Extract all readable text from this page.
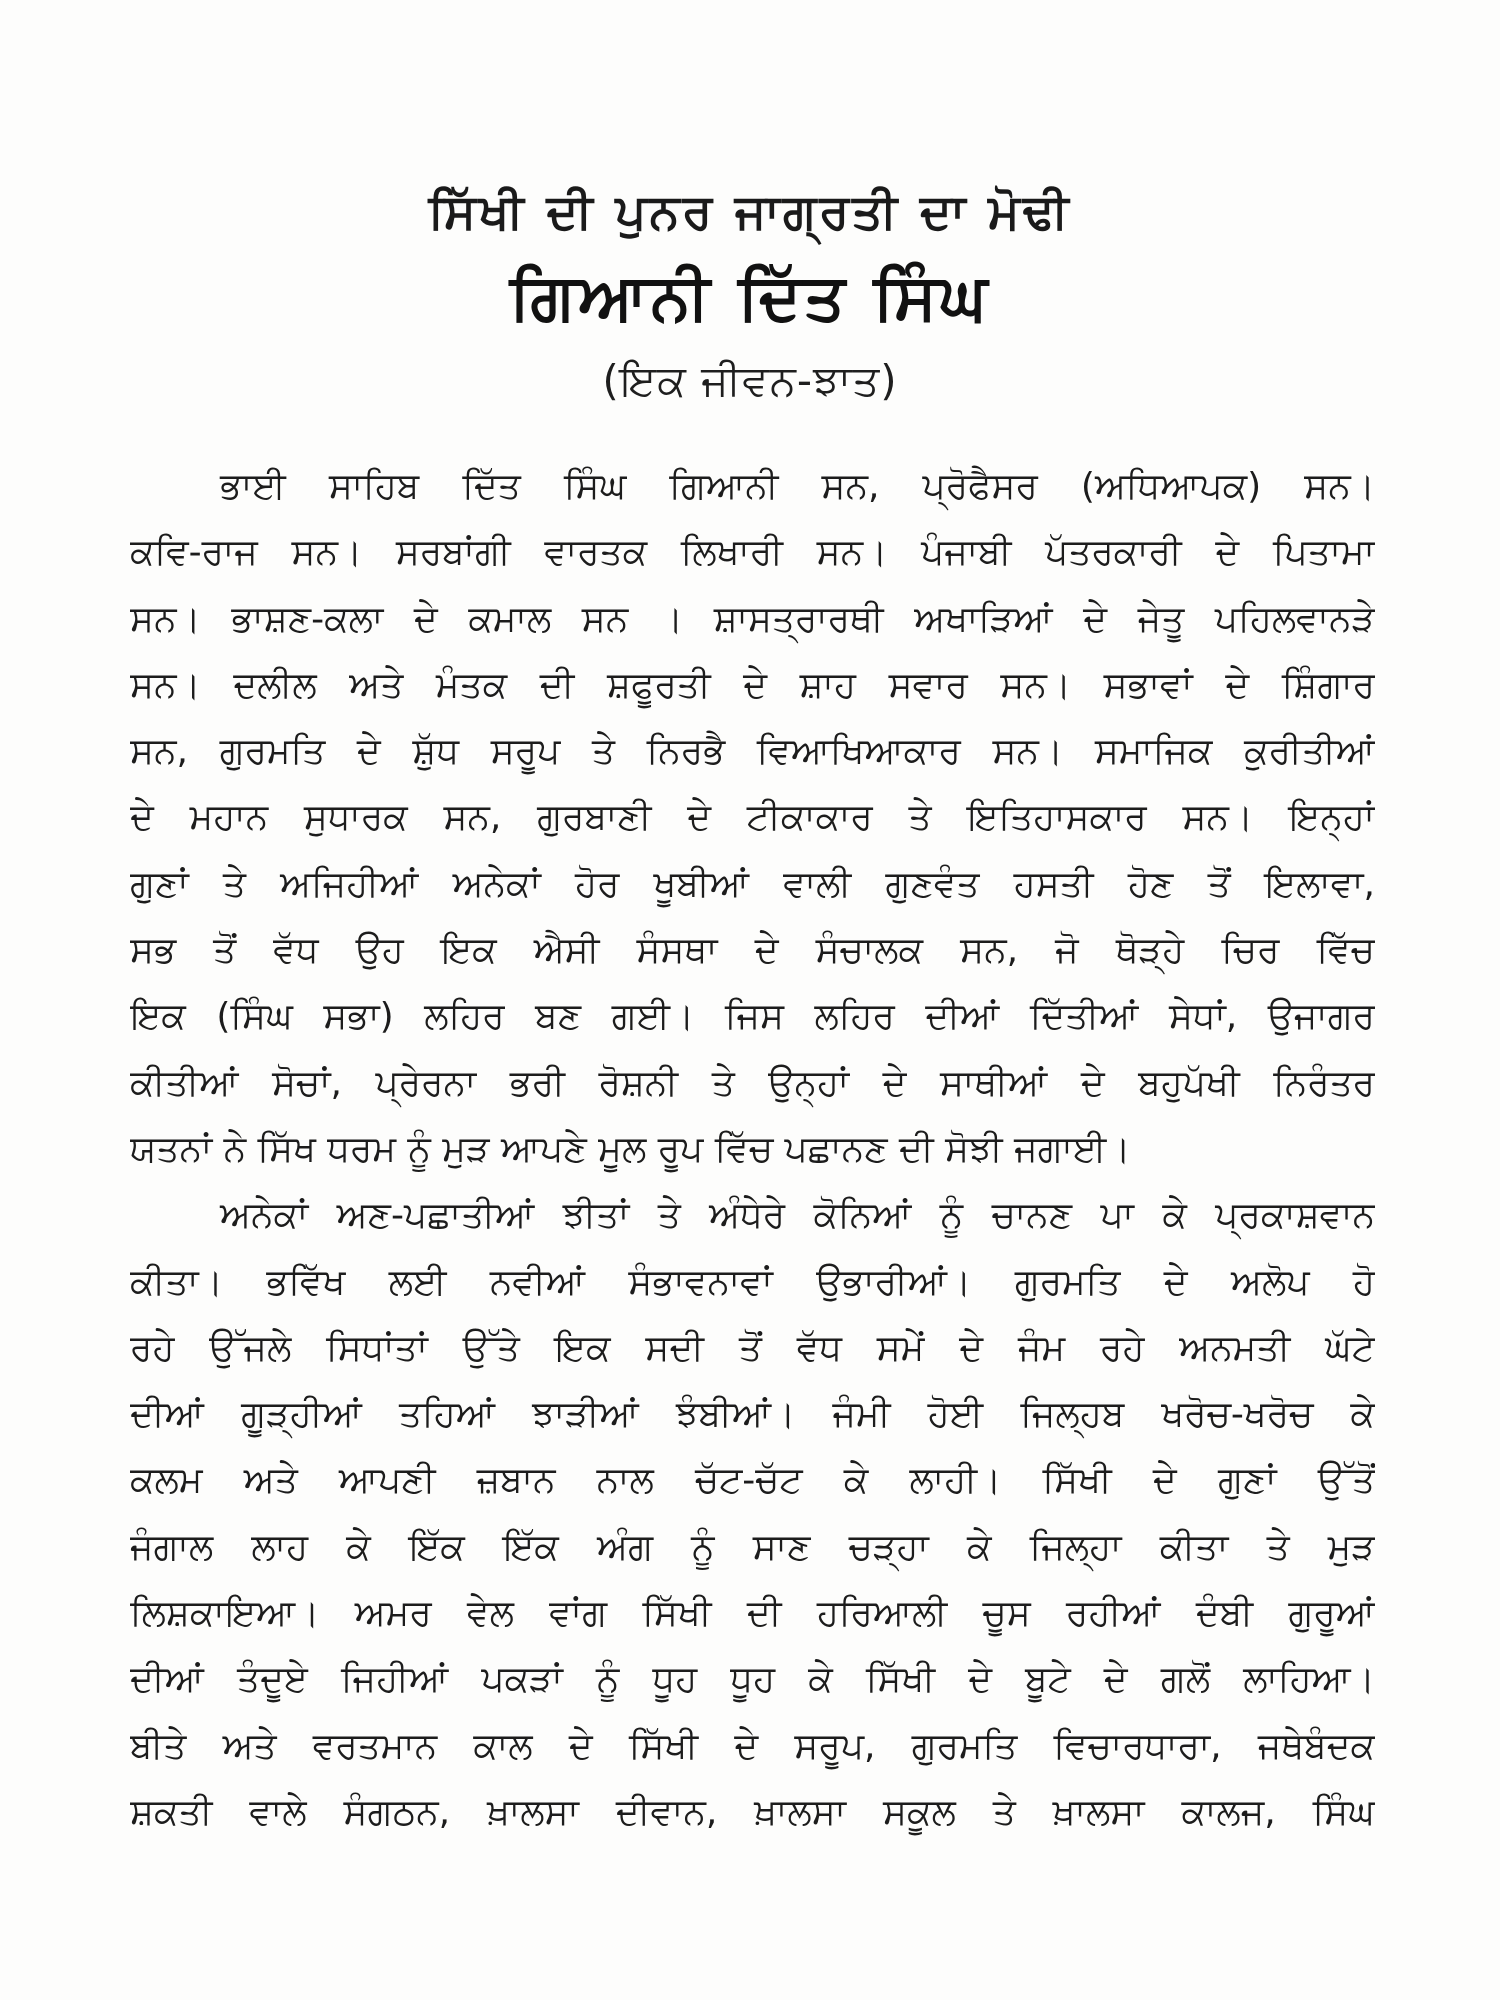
ਸਿੱਖੀ ਦੀ ਪੁਨਰ ਜਾਗ੍ਰਤੀ ਦਾ ਮੋਢੀ
ਗਿਆਨੀ ਦਿੱਤ ਸਿੰਘ
(ਇਕ ਜੀਵਨ-ਝਾਤ)
ਭਾਈ ਸਾਹਿਬ ਦਿੱਤ ਸਿੰਘ ਗਿਆਨੀ ਸਨ, ਪ੍ਰੋਫੈਸਰ (ਅਧਿਆਪਕ) ਸਨ।
ਕਵਿ-ਰਾਜ ਸਨ। ਸਰਬਾਂਗੀ ਵਾਰਤਕ ਲਿਖਾਰੀ ਸਨ। ਪੰਜਾਬੀ ਪੱਤਰਕਾਰੀ ਦੇ ਪਿਤਾਮਾ
ਸਨ। ਭਾਸ਼ਣ-ਕਲਾ ਦੇ ਕਮਾਲ ਸਨ । ਸ਼ਾਸਤ੍ਰਾਰਥੀ ਅਖਾੜਿਆਂ ਦੇ ਜੇਤੂ ਪਹਿਲਵਾਨੜੇ
ਸਨ। ਦਲੀਲ ਅਤੇ ਮੰਤਕ ਦੀ ਸ਼ਫੂਰਤੀ ਦੇ ਸ਼ਾਹ ਸਵਾਰ ਸਨ। ਸਭਾਵਾਂ ਦੇ ਸ਼ਿੰਗਾਰ
ਸਨ, ਗੁਰਮਤਿ ਦੇ ਸ਼ੁੱਧ ਸਰੂਪ ਤੇ ਨਿਰਭੈ ਵਿਆਖਿਆਕਾਰ ਸਨ। ਸਮਾਜਿਕ ਕੁਰੀਤੀਆਂ
ਦੇ ਮਹਾਨ ਸੁਧਾਰਕ ਸਨ, ਗੁਰਬਾਣੀ ਦੇ ਟੀਕਾਕਾਰ ਤੇ ਇਤਿਹਾਸਕਾਰ ਸਨ। ਇਨ੍ਹਾਂ
ਗੁਣਾਂ ਤੇ ਅਜਿਹੀਆਂ ਅਨੇਕਾਂ ਹੋਰ ਖੂਬੀਆਂ ਵਾਲੀ ਗੁਣਵੰਤ ਹਸਤੀ ਹੋਣ ਤੋਂ ਇਲਾਵਾ,
ਸਭ ਤੋਂ ਵੱਧ ਉਹ ਇਕ ਐਸੀ ਸੰਸਥਾ ਦੇ ਸੰਚਾਲਕ ਸਨ, ਜੋ ਥੋੜ੍ਹੇ ਚਿਰ ਵਿੱਚ
ਇਕ (ਸਿੰਘ ਸਭਾ) ਲਹਿਰ ਬਣ ਗਈ। ਜਿਸ ਲਹਿਰ ਦੀਆਂ ਦਿੱਤੀਆਂ ਸੇਧਾਂ, ਉਜਾਗਰ
ਕੀਤੀਆਂ ਸੋਚਾਂ, ਪ੍ਰੇਰਨਾ ਭਰੀ ਰੋਸ਼ਨੀ ਤੇ ਉਨ੍ਹਾਂ ਦੇ ਸਾਥੀਆਂ ਦੇ ਬਹੁਪੱਖੀ ਨਿਰੰਤਰ
ਯਤਨਾਂ ਨੇ ਸਿੱਖ ਧਰਮ ਨੂੰ ਮੁੜ ਆਪਣੇ ਮੂਲ ਰੂਪ ਵਿੱਚ ਪਛਾਨਣ ਦੀ ਸੋਝੀ ਜਗਾਈ।
ਅਨੇਕਾਂ ਅਣ-ਪਛਾਤੀਆਂ ਝੀਤਾਂ ਤੇ ਅੰਧੇਰੇ ਕੋਨਿਆਂ ਨੂੰ ਚਾਨਣ ਪਾ ਕੇ ਪ੍ਰਕਾਸ਼ਵਾਨ
ਕੀਤਾ। ਭਵਿੱਖ ਲਈ ਨਵੀਆਂ ਸੰਭਾਵਨਾਵਾਂ ਉਭਾਰੀਆਂ। ਗੁਰਮਤਿ ਦੇ ਅਲੋਪ ਹੋ
ਰਹੇ ਉੱਜਲੇ ਸਿਧਾਂਤਾਂ ਉੱਤੇ ਇਕ ਸਦੀ ਤੋਂ ਵੱਧ ਸਮੇਂ ਦੇ ਜੰਮ ਰਹੇ ਅਨਮਤੀ ਘੱਟੇ
ਦੀਆਂ ਗੂੜ੍ਹੀਆਂ ਤਹਿਆਂ ਝਾੜੀਆਂ ਝੰਬੀਆਂ। ਜੰਮੀ ਹੋਈ ਜਿਲ੍ਹਬ ਖਰੋਚ-ਖਰੋਚ ਕੇ
ਕਲਮ ਅਤੇ ਆਪਣੀ ਜ਼ਬਾਨ ਨਾਲ ਚੱਟ-ਚੱਟ ਕੇ ਲਾਹੀ। ਸਿੱਖੀ ਦੇ ਗੁਣਾਂ ਉੱਤੋਂ
ਜੰਗਾਲ ਲਾਹ ਕੇ ਇੱਕ ਇੱਕ ਅੰਗ ਨੂੰ ਸਾਣ ਚੜ੍ਹਾ ਕੇ ਜਿਲ੍ਹਾ ਕੀਤਾ ਤੇ ਮੁੜ
ਲਿਸ਼ਕਾਇਆ। ਅਮਰ ਵੇਲ ਵਾਂਗ ਸਿੱਖੀ ਦੀ ਹਰਿਆਲੀ ਚੂਸ ਰਹੀਆਂ ਦੰਬੀ ਗੁਰੂਆਂ
ਦੀਆਂ ਤੰਦੂਏ ਜਿਹੀਆਂ ਪਕੜਾਂ ਨੂੰ ਧੂਹ ਧੂਹ ਕੇ ਸਿੱਖੀ ਦੇ ਬੂਟੇ ਦੇ ਗਲੋਂ ਲਾਹਿਆ।
ਬੀਤੇ ਅਤੇ ਵਰਤਮਾਨ ਕਾਲ ਦੇ ਸਿੱਖੀ ਦੇ ਸਰੂਪ, ਗੁਰਮਤਿ ਵਿਚਾਰਧਾਰਾ, ਜਥੇਬੰਦਕ
ਸ਼ਕਤੀ ਵਾਲੇ ਸੰਗਠਨ, ਖ਼ਾਲਸਾ ਦੀਵਾਨ, ਖ਼ਾਲਸਾ ਸਕੂਲ ਤੇ ਖ਼ਾਲਸਾ ਕਾਲਜ, ਸਿੰਘ
